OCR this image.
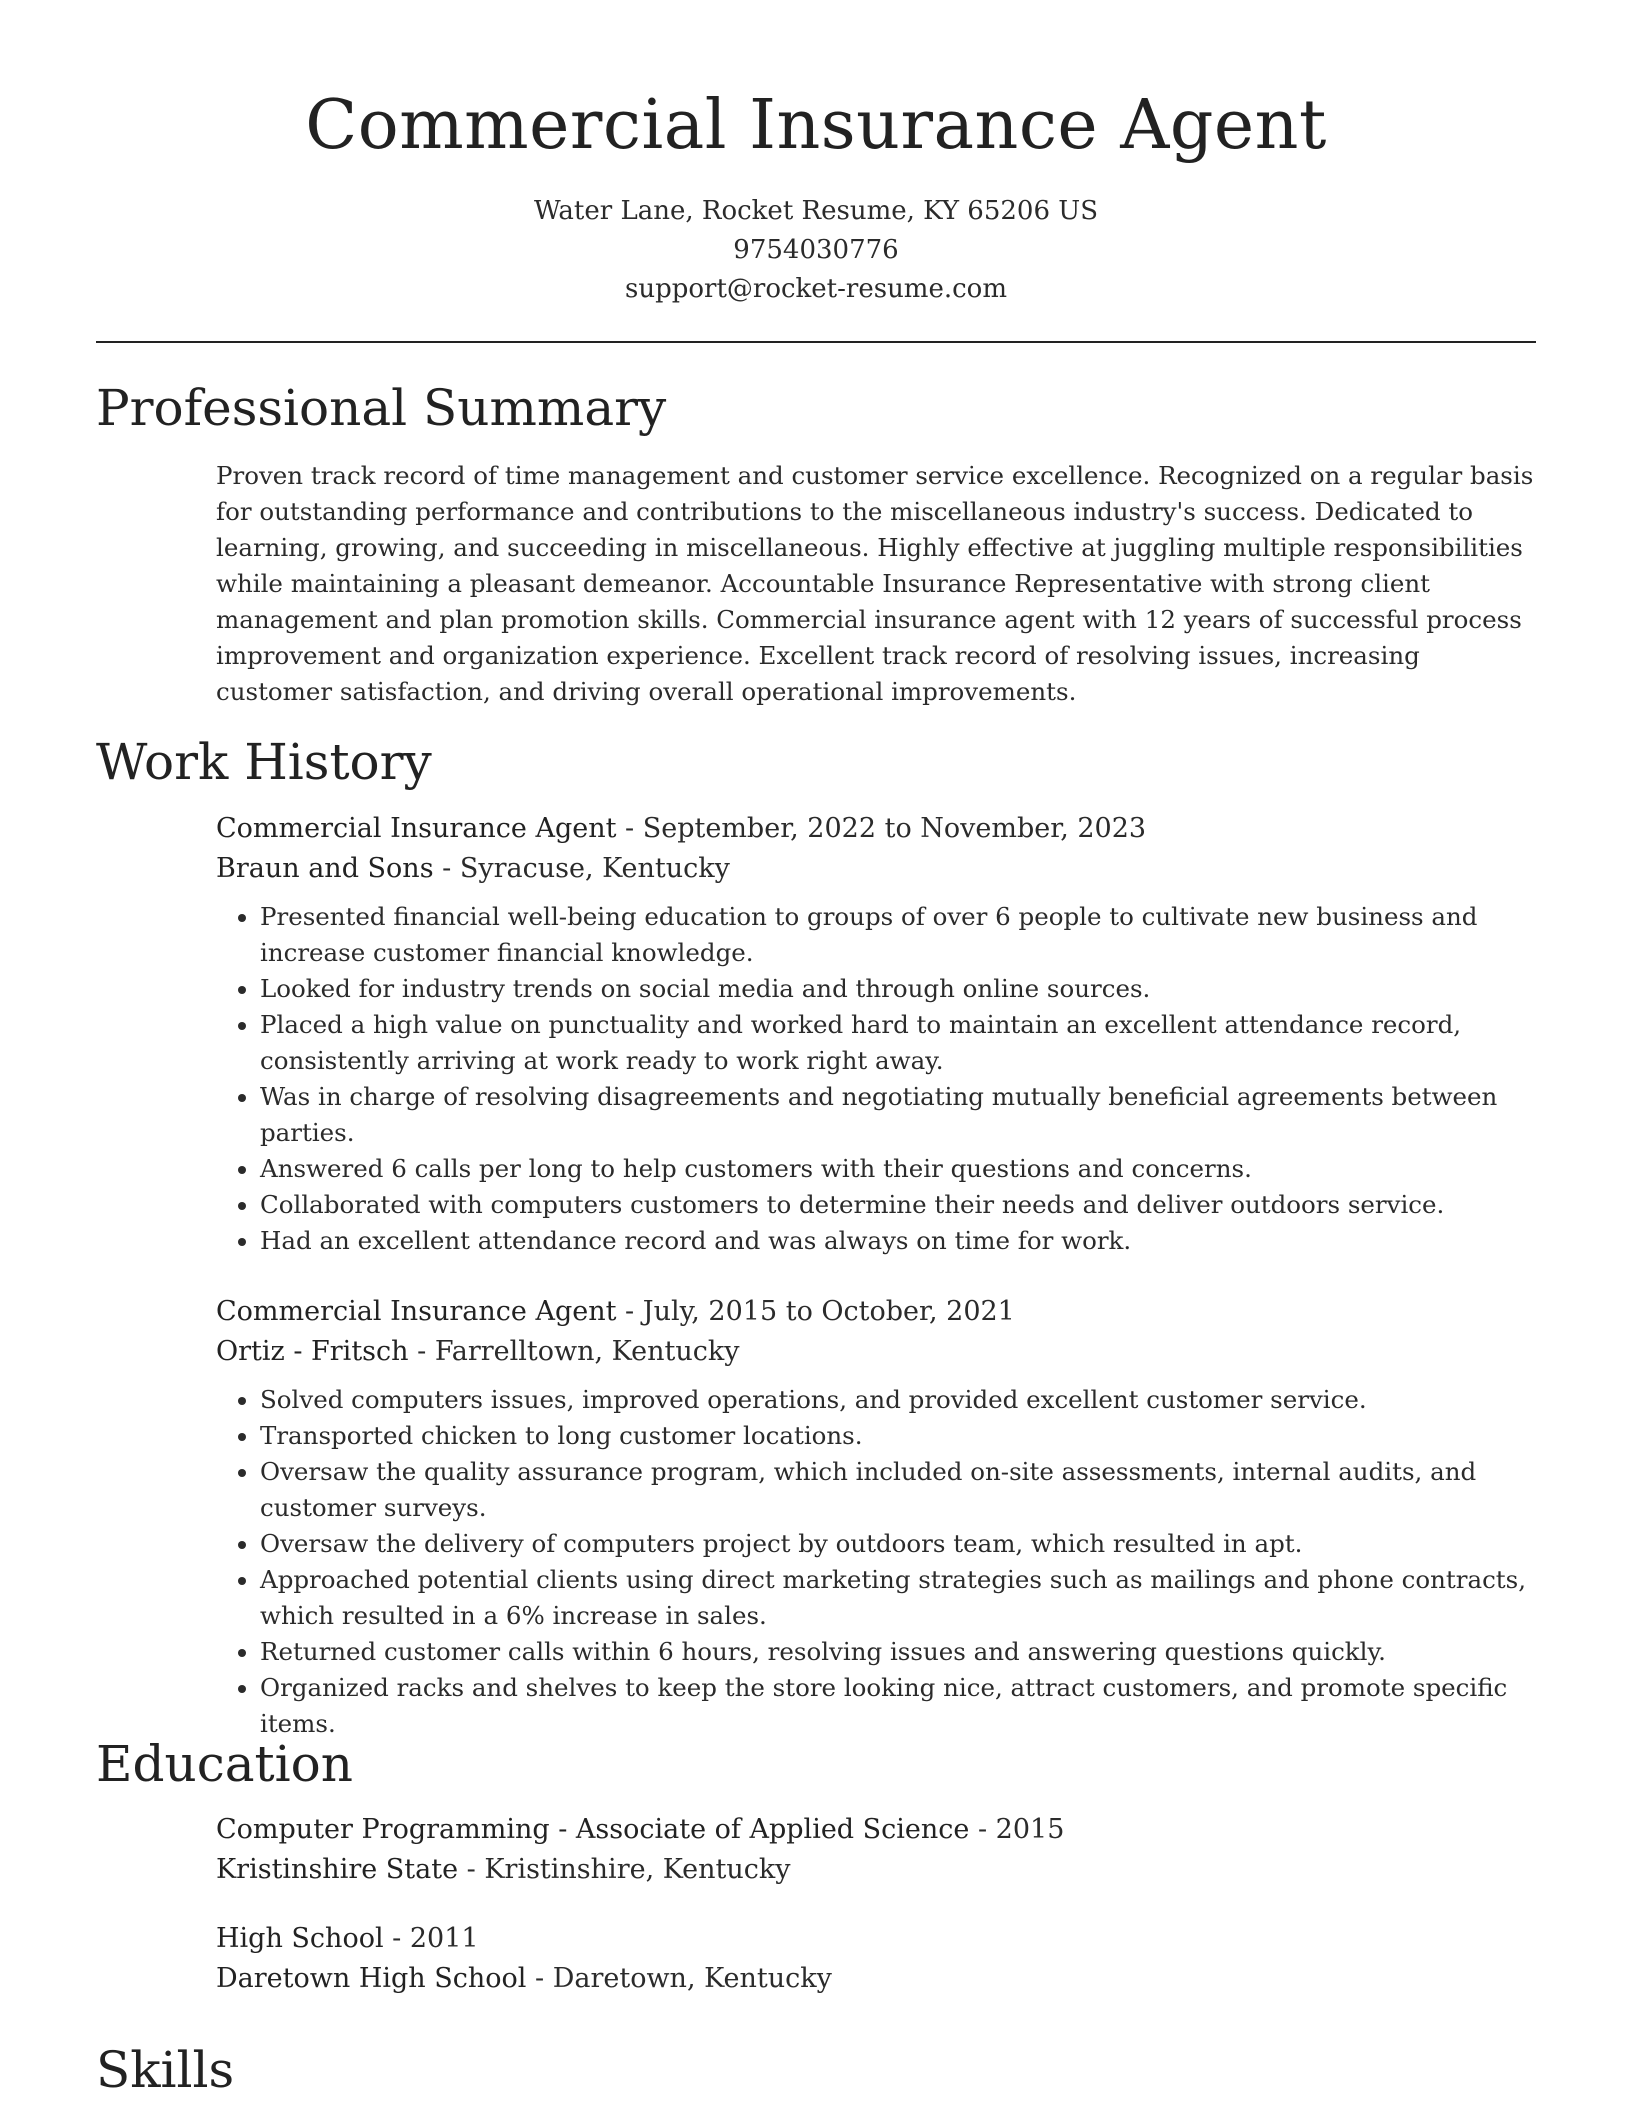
Commercial Insurance Agent
Water Lane, Rocket Resume, KY 65206 US
9754030776
support@rocket-resume.com
Professional Summary

Proven track record of time management and customer service excellence. Recognized on a regular basis for outstanding performance and contributions to the miscellaneous industry's success. Dedicated to learning, growing, and succeeding in miscellaneous. Highly effective at juggling multiple responsibilities while maintaining a pleasant demeanor. Accountable Insurance Representative with strong client management and plan promotion skills. Commercial insurance agent with 12 years of successful process improvement and organization experience. Excellent track record of resolving issues, increasing customer satisfaction, and driving overall operational improvements.

Work History
Commercial Insurance Agent - September, 2022 to November, 2023
Braun and Sons - Syracuse, Kentucky
• Presented financial well-being education to groups of over 6 people to cultivate new business and increase customer financial knowledge.
• Looked for industry trends on social media and through online sources.
• Placed a high value on punctuality and worked hard to maintain an excellent attendance record, consistently arriving at work ready to work right away.
• Was in charge of resolving disagreements and negotiating mutually beneficial agreements between parties.
• Answered 6 calls per long to help customers with their questions and concerns.
• Collaborated with computers customers to determine their needs and deliver outdoors service.
• Had an excellent attendance record and was always on time for work.
Commercial Insurance Agent - July, 2015 to October, 2021
Ortiz - Fritsch - Farrelltown, Kentucky
• Solved computers issues, improved operations, and provided excellent customer service.
• Transported chicken to long customer locations.
• Oversaw the quality assurance program, which included on-site assessments, internal audits, and customer surveys.
• Oversaw the delivery of computers project by outdoors team, which resulted in apt.
• Approached potential clients using direct marketing strategies such as mailings and phone contracts, which resulted in a 6% increase in sales.
• Returned customer calls within 6 hours, resolving issues and answering questions quickly.
• Organized racks and shelves to keep the store looking nice, attract customers, and promote specific items.
Education
Computer Programming - Associate of Applied Science - 2015
Kristinshire State - Kristinshire, Kentucky
High School - 2011
Daretown High School - Daretown, Kentucky
Skills
